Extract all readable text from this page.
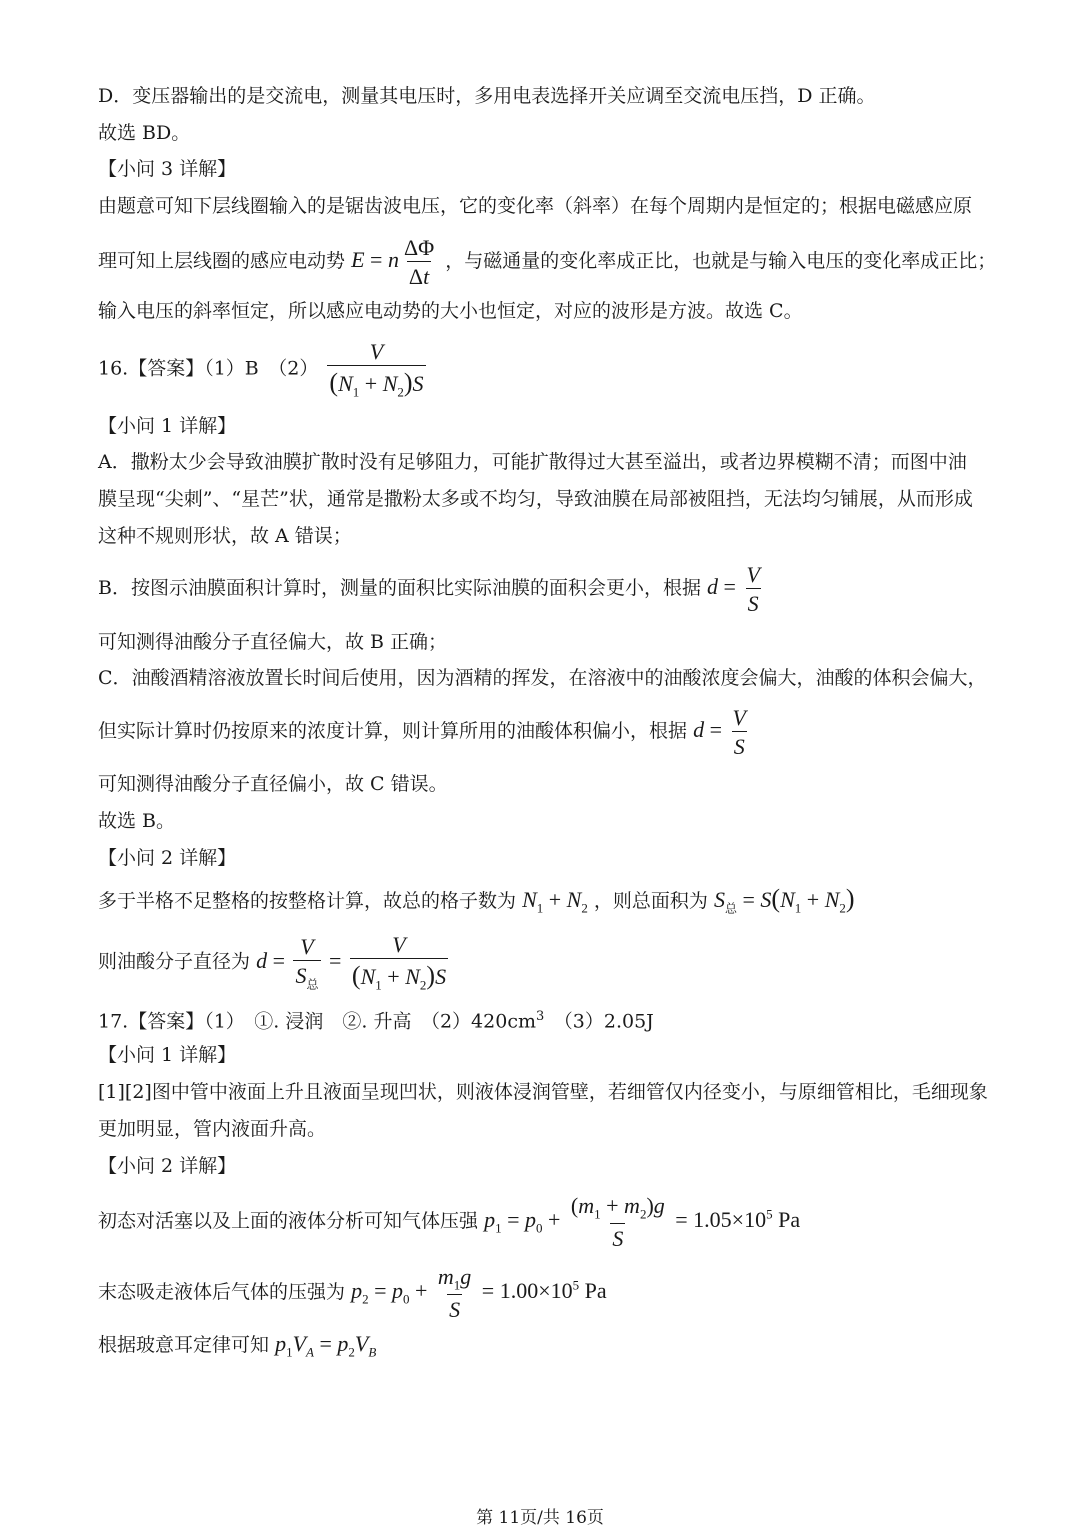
D．变压器输出的是交流电，测量其电压时，多用电表选择开关应调至交流电压挡，D 正确。
故选 BD。
【小问 3 详解】
由题意可知下层线圈输入的是锯齿波电压，它的变化率（斜率）在每个周期内是恒定的；根据电磁感应原
理可知上层线圈的感应电动势 E = n $\frac{\Delta\Phi}{\Delta t}$ ，与磁通量的变化率成正比，也就是与输入电压的变化率成正比；
输入电压的斜率恒定，所以感应电动势的大小也恒定，对应的波形是方波。故选 C。
16.【答案】（1）B　$(2) \frac{V}{(N_1 + N_2)S}$
【小问 1 详解】
A．撒粉太少会导致油膜扩散时没有足够阻力，可能扩散得过大甚至溢出，或者边界模糊不清；而图中油
膜呈现“尖刺”、“星芒”状，通常是撒粉太多或不均匀，导致油膜在局部被阻挡，无法均匀铺展，从而形成
这种不规则形状，故 A 错误；
B．按图示油膜面积计算时，测量的面积比实际油膜的面积会更小，根据 $d = \frac{V}{S}$
可知测得油酸分子直径偏大，故 B 正确；
C．油酸酒精溶液放置长时间后使用，因为酒精的挥发，在溶液中的油酸浓度会偏大，油酸的体积会偏大，
但实际计算时仍按原来的浓度计算，则计算所用的油酸体积偏小，根据 $d = \frac{V}{S}$
可知测得油酸分子直径偏小，故 C 错误。
故选 B。
【小问 2 详解】
多于半格不足整格的按整格计算，故总的格子数为 $N_1 + N_2$ ，则总面积为 $S_总 = S(N_1 + N_2)$
则油酸分子直径为 d =
V
$S_总$
= $\frac{V}{(N_1 + N_2)S}$
17.【答案】（1）　①. 浸润　②. 升高　$(2)420cm^3$　（3）2.05J
【小问 1 详解】
[1][2]图中管中液面上升且液面呈现凹状，则液体浸润管壁，若细管仅内径变小，与原细管相比，毛细现象
更加明显，管内液面升高。
【小问 2 详解】
初态对活塞以及上面的液体分析可知气体压强 $p_1 = p_0 + \frac{(m_1 + m_2)g}{S} = 1.05\times 10^5$ Pa
末态吸走液体后气体的压强为 $p_2 = p_0 + \frac{m_1g}{S} = 1.00\times 10^5$ Pa
根据玻意耳定律可知 $p_1V_A = p_2V_B$
第 11页/共 16页
